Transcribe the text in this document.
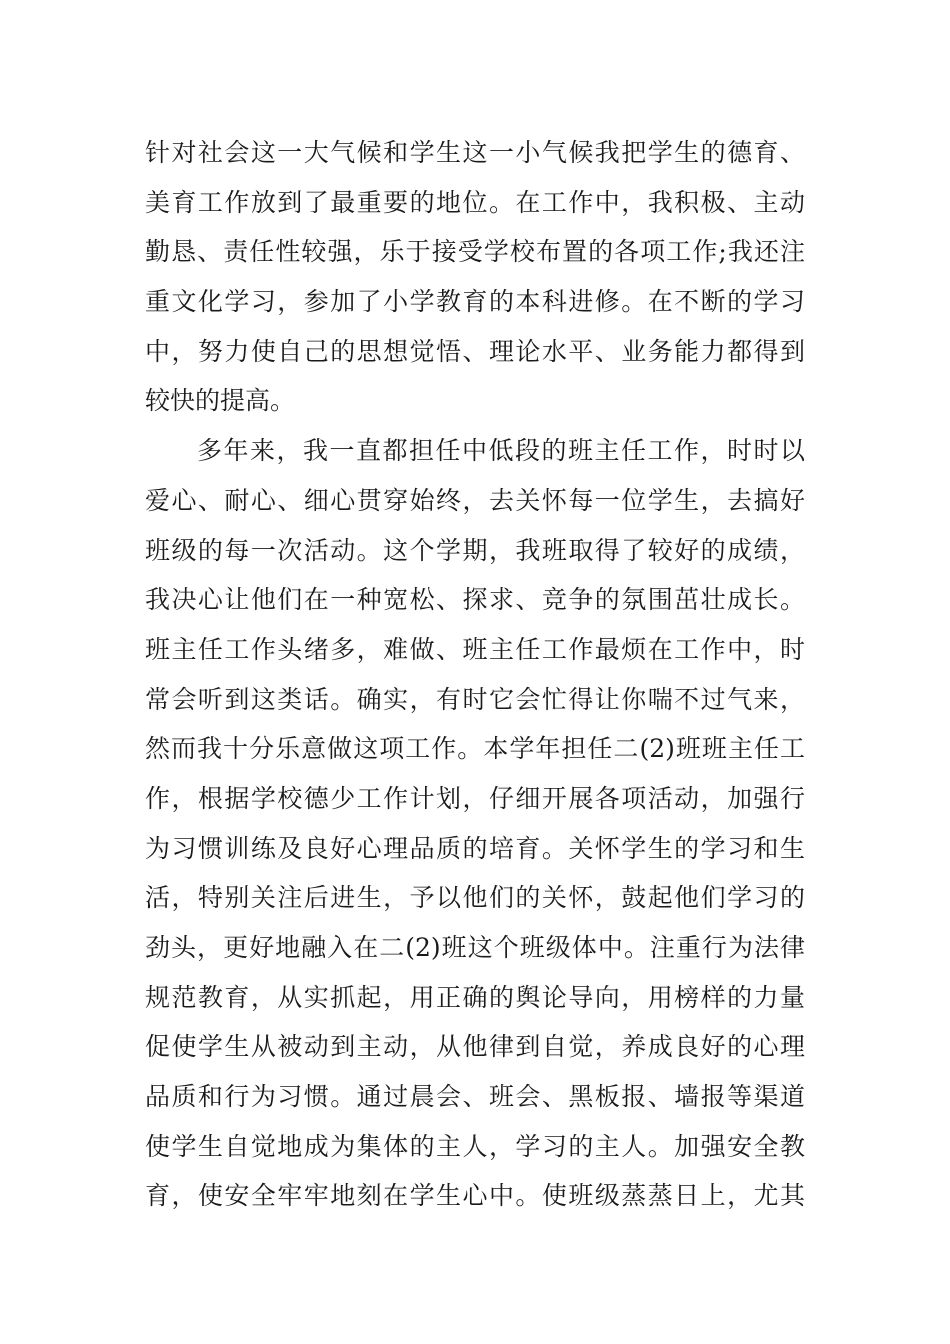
针对社会这一大气候和学生这一小气候我把学生的德育、
美育工作放到了最重要的地位。在工作中，我积极、主动
勤恳、责任性较强，乐于接受学校布置的各项工作;我还注
重文化学习，参加了小学教育的本科进修。在不断的学习
中，努力使自己的思想觉悟、理论水平、业务能力都得到
较快的提高。
多年来，我一直都担任中低段的班主任工作，时时以
爱心、耐心、细心贯穿始终，去关怀每一位学生，去搞好
班级的每一次活动。这个学期，我班取得了较好的成绩，
我决心让他们在一种宽松、探求、竞争的氛围茁壮成长。
班主任工作头绪多，难做、班主任工作最烦在工作中，时
常会听到这类话。确实，有时它会忙得让你喘不过气来，
然而我十分乐意做这项工作。本学年担任二(2)班班主任工
作，根据学校德少工作计划，仔细开展各项活动，加强行
为习惯训练及良好心理品质的培育。关怀学生的学习和生
活，特别关注后进生，予以他们的关怀，鼓起他们学习的
劲头，更好地融入在二(2)班这个班级体中。注重行为法律
规范教育，从实抓起，用正确的舆论导向，用榜样的力量
促使学生从被动到主动，从他律到自觉，养成良好的心理
品质和行为习惯。通过晨会、班会、黑板报、墙报等渠道
使学生自觉地成为集体的主人，学习的主人。加强安全教
育，使安全牢牢地刻在学生心中。使班级蒸蒸日上，尤其
